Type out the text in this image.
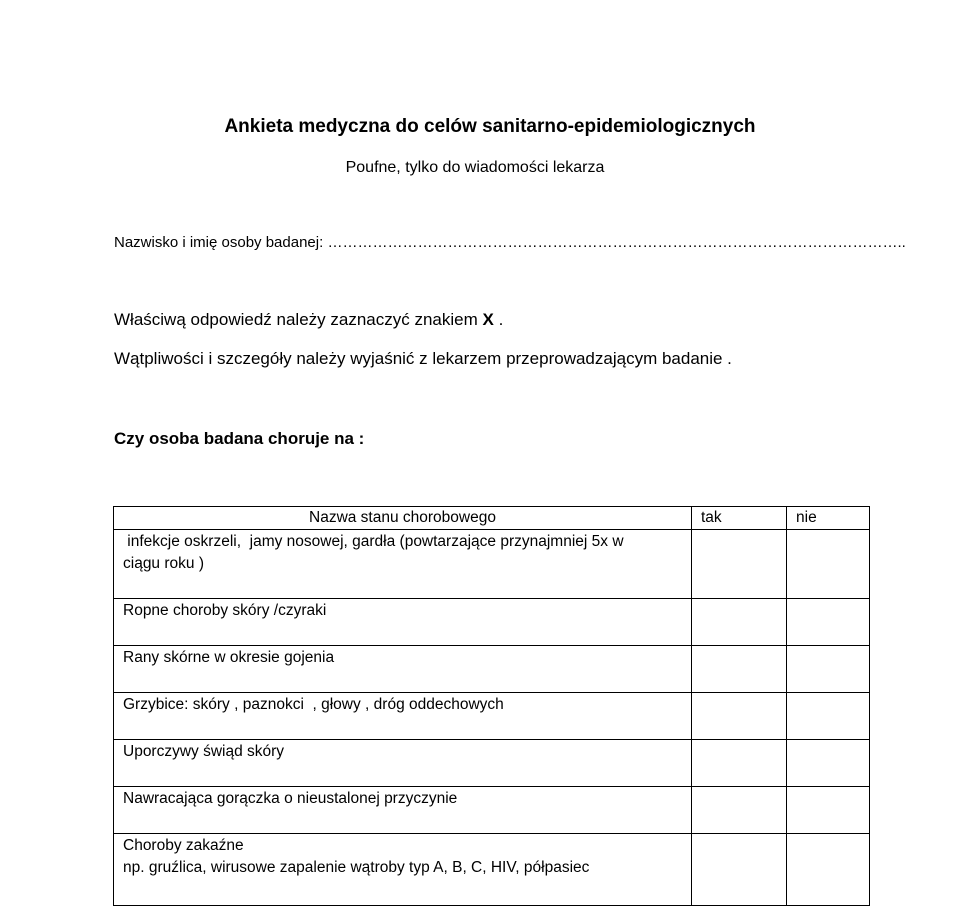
Ankieta medyczna do celów sanitarno-epidemiologicznych
Poufne, tylko do wiadomości lekarza
Nazwisko i imię osoby badanej: ……………………………………………………………………………………………………..
Właściwą odpowiedź należy zaznaczyć znakiem X .
Wątpliwości i szczegóły należy wyjaśnić z lekarzem przeprowadzającym badanie .
Czy osoba badana choruje na :
Nazwa stanu chorobowego	tak	nie

infekcje oskrzeli,  jamy nosowej, gardła (powtarzające przynajmniej 5x w
ciągu roku )		

Ropne choroby skóry /czyraki		

Rany skórne w okresie gojenia		

Grzybice: skóry , paznokci  , głowy , dróg oddechowych		

Uporczywy świąd skóry		

Nawracająca gorączka o nieustalonej przyczynie		

Choroby zakaźne
np. gruźlica, wirusowe zapalenie wątroby typ A, B, C, HIV, półpasiec		
